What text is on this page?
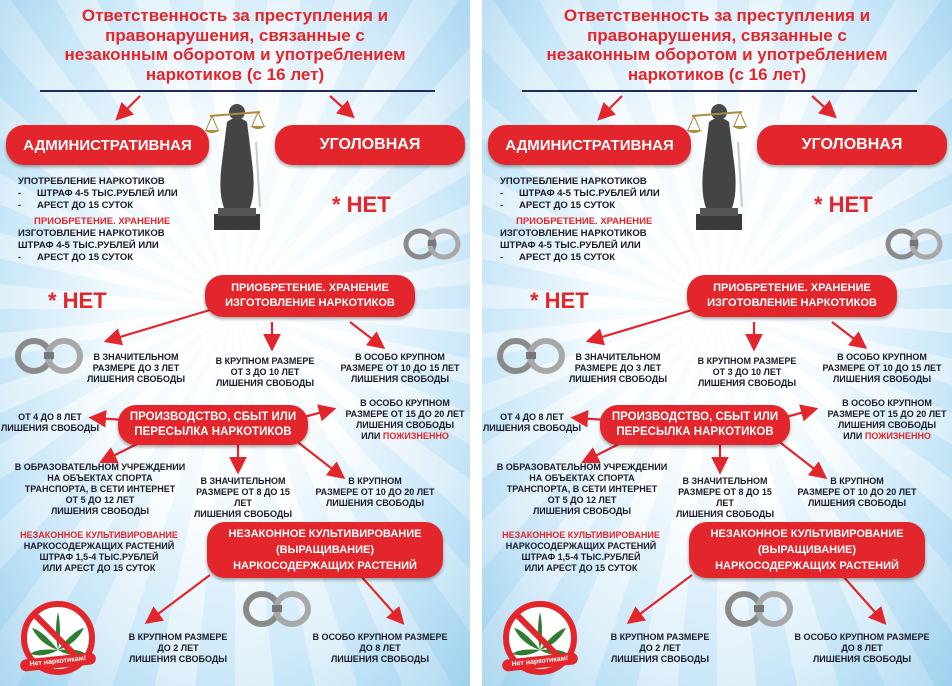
Ответственность за преступления и
правонарушения, связанные с
незаконным оборотом и употреблением
наркотиков (с 16 лет)
АДМИНИСТРАТИВНАЯ	УГОЛОВНАЯ
УПОТРЕБЛЕНИЕ НАРКОТИКОВ
- ШТРАФ 4-5 ТЫС.РУБЛЕЙ ИЛИ
- АРЕСТ ДО 15 СУТОК
ПРИОБРЕТЕНИЕ. ХРАНЕНИЕ
ИЗГОТОВЛЕНИЕ НАРКОТИКОВ
ШТРАФ 4-5 ТЫС.РУБЛЕЙ ИЛИ
- АРЕСТ ДО 15 СУТОК
* НЕТ
ПРИОБРЕТЕНИЕ. ХРАНЕНИЕ
ИЗГОТОВЛЕНИЕ НАРКОТИКОВ
* НЕТ
В ЗНАЧИТЕЛЬНОМ
РАЗМЕРЕ ДО 3 ЛЕТ
ЛИШЕНИЯ СВОБОДЫ
В КРУПНОМ РАЗМЕРЕ
ОТ 3 ДО 10 ЛЕТ
ЛИШЕНИЯ СВОБОДЫ
В ОСОБО КРУПНОМ
РАЗМЕРЕ ОТ 10 ДО 15 ЛЕТ
ЛИШЕНИЯ СВОБОДЫ
ПРОИЗВОДСТВО, СБЫТ ИЛИ
ПЕРЕСЫЛКА НАРКОТИКОВ
ОТ 4 ДО 8 ЛЕТ
ЛИШЕНИЯ СВОБОДЫ
В ОСОБО КРУПНОМ
РАЗМЕРЕ ОТ 15 ДО 20 ЛЕТ
ЛИШЕНИЯ СВОБОДЫ
ИЛИ ПОЖИЗНЕННО
В ОБРАЗОВАТЕЛЬНОМ УЧРЕЖДЕНИИ
НА ОБЪЕКТАХ СПОРТА
ТРАНСПОРТА, В СЕТИ ИНТЕРНЕТ
ОТ 5 ДО 12 ЛЕТ
ЛИШЕНИЯ СВОБОДЫ
В ЗНАЧИТЕЛЬНОМ
РАЗМЕРЕ ОТ 8 ДО 15 ЛЕТ
ЛИШЕНИЯ СВОБОДЫ
В КРУПНОМ
РАЗМЕРЕ ОТ 10 ДО 20 ЛЕТ
ЛИШЕНИЯ СВОБОДЫ
НЕЗАКОННОЕ КУЛЬТИВИРОВАНИЕ
НАРКОСОДЕРЖАЩИХ РАСТЕНИЙ
ШТРАФ 1,5-4 ТЫС.РУБЛЕЙ
ИЛИ АРЕСТ ДО 15 СУТОК
НЕЗАКОННОЕ КУЛЬТИВИРОВАНИЕ
(ВЫРАЩИВАНИЕ)
НАРКОСОДЕРЖАЩИХ РАСТЕНИЙ
Нет наркотикам!
В КРУПНОМ РАЗМЕРЕ
ДО 2 ЛЕТ
ЛИШЕНИЯ СВОБОДЫ
В ОСОБО КРУПНОМ РАЗМЕРЕ
ДО 8 ЛЕТ
ЛИШЕНИЯ СВОБОДЫ
Ответственность за преступления и
правонарушения, связанные с
незаконным оборотом и употреблением
наркотиков (с 16 лет)
АДМИНИСТРАТИВНАЯ	УГОЛОВНАЯ
УПОТРЕБЛЕНИЕ НАРКОТИКОВ
- ШТРАФ 4-5 ТЫС.РУБЛЕЙ ИЛИ
- АРЕСТ ДО 15 СУТОК
ПРИОБРЕТЕНИЕ. ХРАНЕНИЕ
ИЗГОТОВЛЕНИЕ НАРКОТИКОВ
ШТРАФ 4-5 ТЫС.РУБЛЕЙ ИЛИ
- АРЕСТ ДО 15 СУТОК
* НЕТ
ПРИОБРЕТЕНИЕ. ХРАНЕНИЕ
ИЗГОТОВЛЕНИЕ НАРКОТИКОВ
* НЕТ
В ЗНАЧИТЕЛЬНОМ
РАЗМЕРЕ ДО 3 ЛЕТ
ЛИШЕНИЯ СВОБОДЫ
В КРУПНОМ РАЗМЕРЕ
ОТ 3 ДО 10 ЛЕТ
ЛИШЕНИЯ СВОБОДЫ
В ОСОБО КРУПНОМ
РАЗМЕРЕ ОТ 10 ДО 15 ЛЕТ
ЛИШЕНИЯ СВОБОДЫ
ПРОИЗВОДСТВО, СБЫТ ИЛИ
ПЕРЕСЫЛКА НАРКОТИКОВ
ОТ 4 ДО 8 ЛЕТ
ЛИШЕНИЯ СВОБОДЫ
В ОСОБО КРУПНОМ
РАЗМЕРЕ ОТ 15 ДО 20 ЛЕТ
ЛИШЕНИЯ СВОБОДЫ
ИЛИ ПОЖИЗНЕННО
В ОБРАЗОВАТЕЛЬНОМ УЧРЕЖДЕНИИ
НА ОБЪЕКТАХ СПОРТА
ТРАНСПОРТА, В СЕТИ ИНТЕРНЕТ
ОТ 5 ДО 12 ЛЕТ
ЛИШЕНИЯ СВОБОДЫ
В ЗНАЧИТЕЛЬНОМ
РАЗМЕРЕ ОТ 8 ДО 15 ЛЕТ
ЛИШЕНИЯ СВОБОДЫ
В КРУПНОМ
РАЗМЕРЕ ОТ 10 ДО 20 ЛЕТ
ЛИШЕНИЯ СВОБОДЫ
НЕЗАКОННОЕ КУЛЬТИВИРОВАНИЕ
НАРКОСОДЕРЖАЩИХ РАСТЕНИЙ
ШТРАФ 1,5-4 ТЫС.РУБЛЕЙ
ИЛИ АРЕСТ ДО 15 СУТОК
НЕЗАКОННОЕ КУЛЬТИВИРОВАНИЕ
(ВЫРАЩИВАНИЕ)
НАРКОСОДЕРЖАЩИХ РАСТЕНИЙ
Нет наркотикам!
В КРУПНОМ РАЗМЕРЕ
ДО 2 ЛЕТ
ЛИШЕНИЯ СВОБОДЫ
В ОСОБО КРУПНОМ РАЗМЕРЕ
ДО 8 ЛЕТ
ЛИШЕНИЯ СВОБОДЫ
